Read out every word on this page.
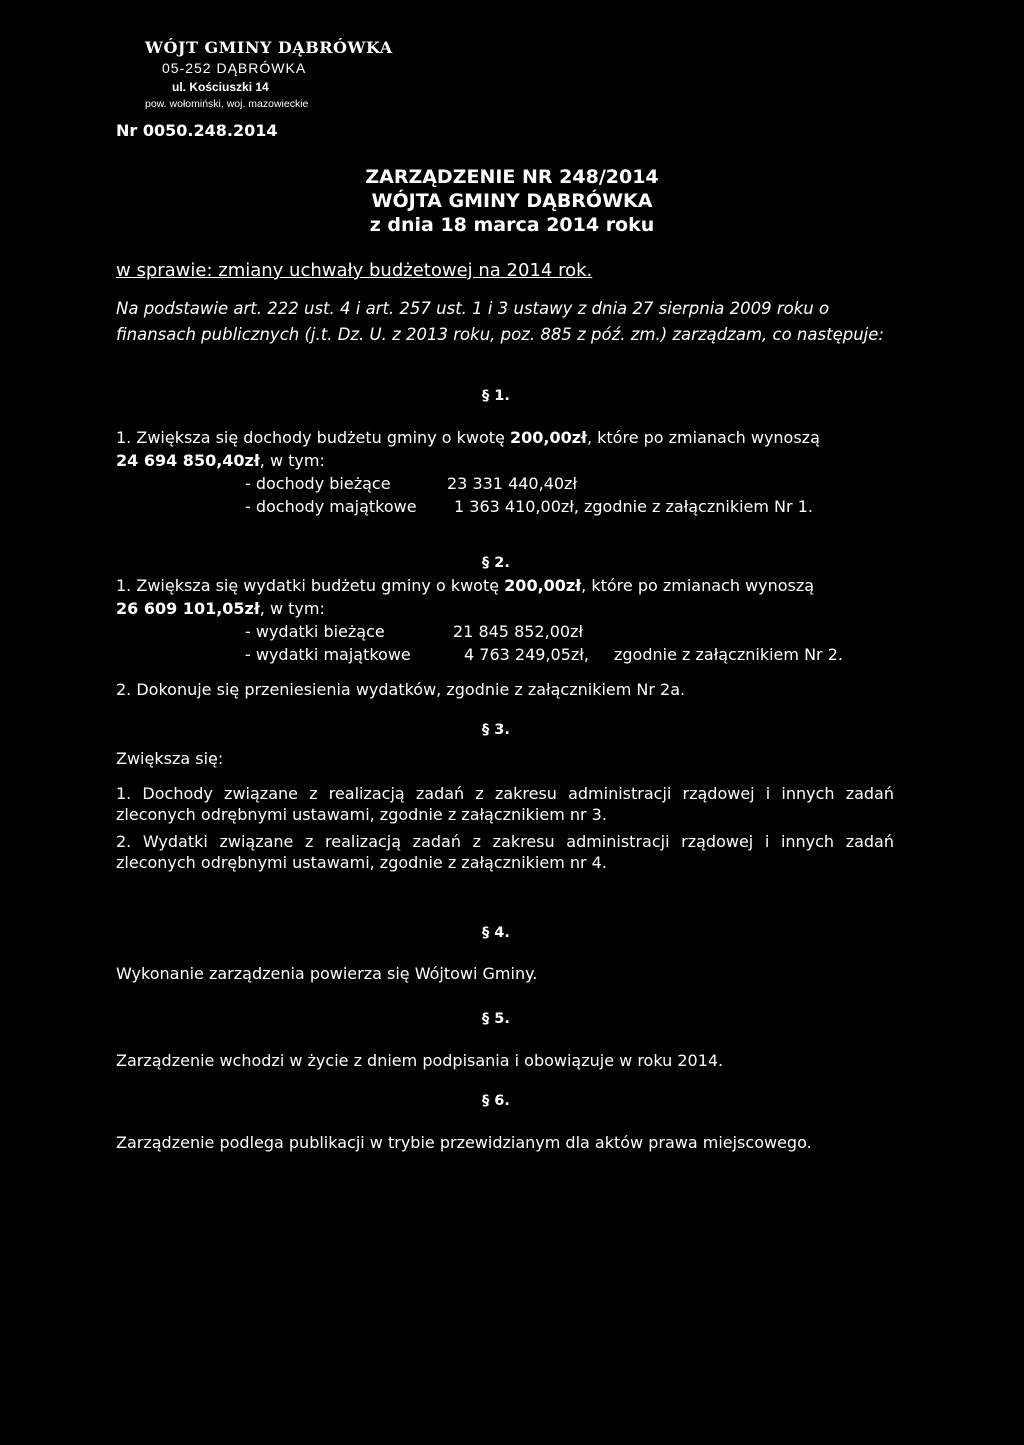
WÓJT GMINY DĄBRÓWKA
05-252 DĄBRÓWKA
ul. Kościuszki 14
pow. wołomiński, woj. mazowieckie
Nr 0050.248.2014
ZARZĄDZENIE NR 248/2014
WÓJTA GMINY DĄBRÓWKA
z dnia 18 marca 2014 roku
w sprawie: zmiany uchwały budżetowej na 2014 rok.
Na podstawie art. 222 ust. 4 i art. 257 ust. 1 i 3 ustawy z dnia 27 sierpnia 2009 roku o finansach publicznych (j.t. Dz. U. z 2013 roku, poz. 885 z póź. zm.) zarządzam, co następuje:
§ 1.
1. Zwiększa się dochody budżetu gminy o kwotę 200,00zł, które po zmianach wynoszą
24 694 850,40zł, w tym:
- dochody bieżące	23 331 440,40zł
- dochody majątkowe 1 363 410,00zł, zgodnie z załącznikiem Nr 1.
§ 2.
1. Zwiększa się wydatki budżetu gminy o kwotę 200,00zł, które po zmianach wynoszą
26 609 101,05zł, w tym:
- wydatki bieżące	21 845 852,00zł
- wydatki majątkowe	4 763 249,05zł, zgodnie z załącznikiem Nr 2.
2. Dokonuje się przeniesienia wydatków, zgodnie z załącznikiem Nr 2a.
§ 3.
Zwiększa się:
1. Dochody związane z realizacją zadań z zakresu administracji rządowej i innych zadań zleconych odrębnymi ustawami, zgodnie z załącznikiem nr 3.
2. Wydatki związane z realizacją zadań z zakresu administracji rządowej i innych zadań zleconych odrębnymi ustawami, zgodnie z załącznikiem nr 4.
§ 4.
Wykonanie zarządzenia powierza się Wójtowi Gminy.
§ 5.
Zarządzenie wchodzi w życie z dniem podpisania i obowiązuje w roku 2014.
§ 6.
Zarządzenie podlega publikacji w trybie przewidzianym dla aktów prawa miejscowego.
